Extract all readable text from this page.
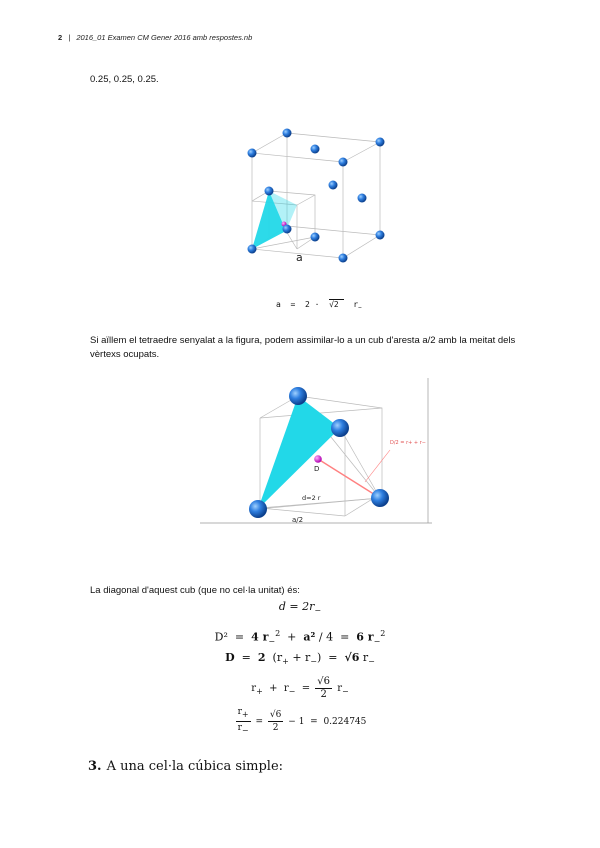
2 | 2016_01 Examen CM Gener 2016 amb respostes.nb
0.25, 0.25, 0.25.
a
a = 2 · √2 $r_-$
Si aïllem el tetraedre senyalat a la figura, podem assimilar-lo a un cub d'aresta a/2 amb la meitat dels vèrtexs ocupats.
D
d=2 r
a/2
D/2 = r+ + r−
La diagonal d'aquest cub (que no cel·la unitat) és:
$d = 2r_-$
D² = 4 $r_-^2 + a^2 / 4 = 6$ $r_-^2$
D = 2 $(r_+ + r_-) = √6$ $r_-$
$r_+ + r_- = \frac{√6}{2} r_-$
$\frac{r_+}{r_-} = \frac{√6}{2} - 1 = 0.224745$
3. A una cel·la cúbica simple:
